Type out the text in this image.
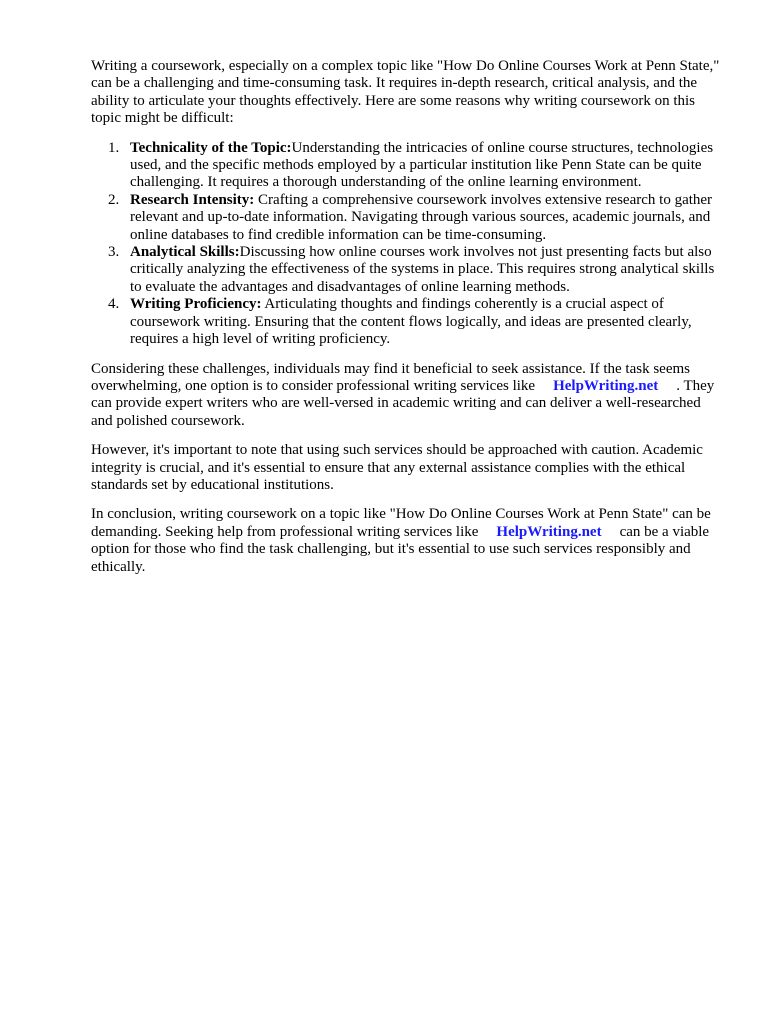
Writing a coursework, especially on a complex topic like "How Do Online Courses Work at Penn State," can be a challenging and time-consuming task. It requires in-depth research, critical analysis, and the ability to articulate your thoughts effectively. Here are some reasons why writing coursework on this topic might be difficult:

1. Technicality of the Topic:Understanding the intricacies of online course structures, technologies used, and the specific methods employed by a particular institution like Penn State can be quite challenging. It requires a thorough understanding of the online learning environment.
2. Research Intensity: Crafting a comprehensive coursework involves extensive research to gather relevant and up-to-date information. Navigating through various sources, academic journals, and online databases to find credible information can be time-consuming.
3. Analytical Skills:Discussing how online courses work involves not just presenting facts but also critically analyzing the effectiveness of the systems in place. This requires strong analytical skills to evaluate the advantages and disadvantages of online learning methods.
4. Writing Proficiency: Articulating thoughts and findings coherently is a crucial aspect of coursework writing. Ensuring that the content flows logically, and ideas are presented clearly, requires a high level of writing proficiency.

Considering these challenges, individuals may find it beneficial to seek assistance. If the task seems overwhelming, one option is to consider professional writing services like HelpWriting.net . They can provide expert writers who are well-versed in academic writing and can deliver a well-researched and polished coursework.

However, it's important to note that using such services should be approached with caution. Academic integrity is crucial, and it's essential to ensure that any external assistance complies with the ethical standards set by educational institutions.

In conclusion, writing coursework on a topic like "How Do Online Courses Work at Penn State" can be demanding. Seeking help from professional writing services like HelpWriting.net can be a viable option for those who find the task challenging, but it's essential to use such services responsibly and ethically.
